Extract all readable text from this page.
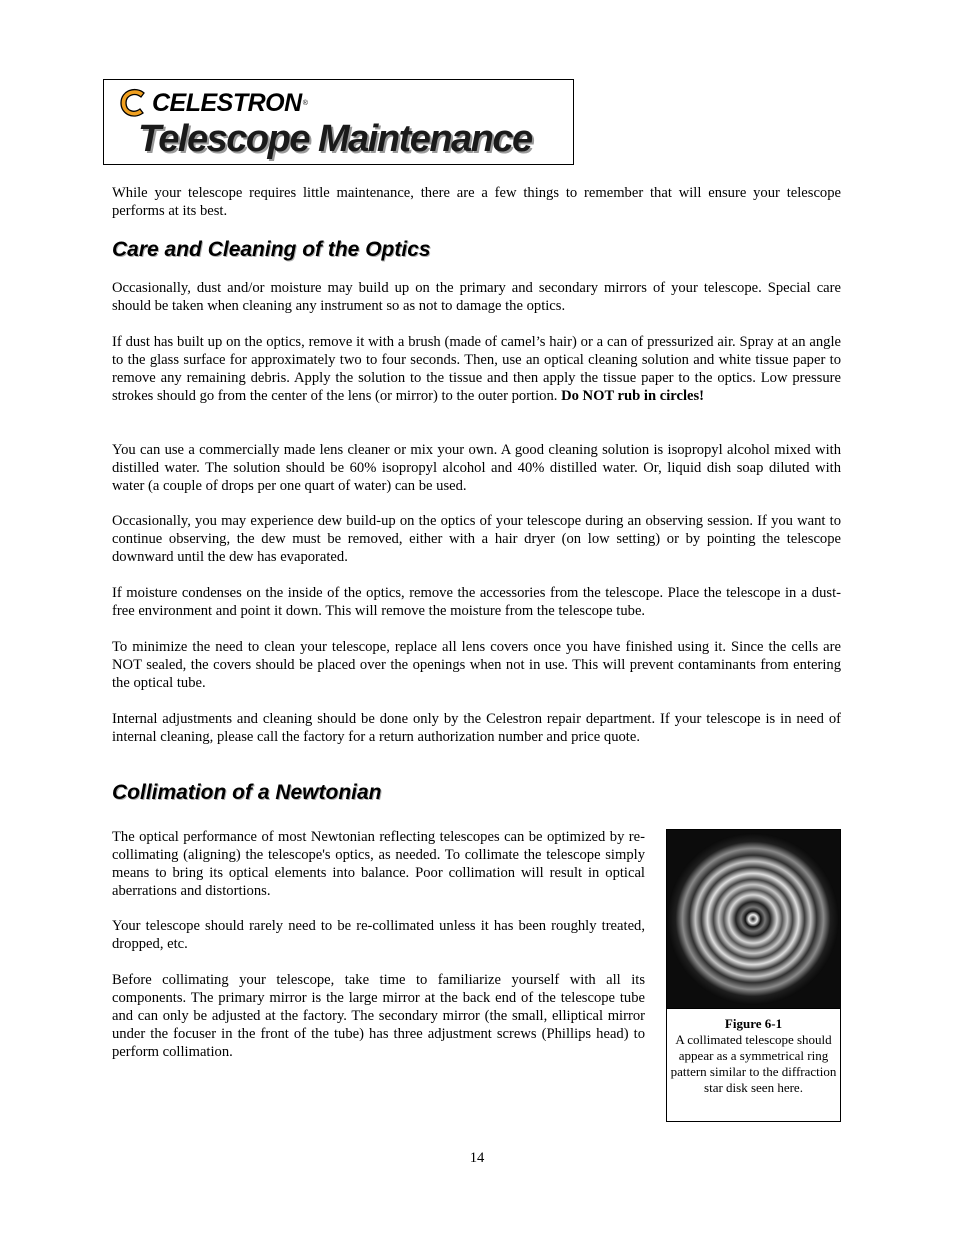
CELESTRON ®
Telescope Maintenance

While your telescope requires little maintenance, there are a few things to remember that will ensure your telescope performs at its best.

Care and Cleaning of the Optics

Occasionally, dust and/or moisture may build up on the primary and secondary mirrors of your telescope. Special care should be taken when cleaning any instrument so as not to damage the optics.

If dust has built up on the optics, remove it with a brush (made of camel’s hair) or a can of pressurized air. Spray at an angle to the glass surface for approximately two to four seconds. Then, use an optical cleaning solution and white tissue paper to remove any remaining debris. Apply the solution to the tissue and then apply the tissue paper to the optics. Low pressure strokes should go from the center of the lens (or mirror) to the outer portion. Do NOT rub in circles!

You can use a commercially made lens cleaner or mix your own. A good cleaning solution is isopropyl alcohol mixed with distilled water. The solution should be 60% isopropyl alcohol and 40% distilled water. Or, liquid dish soap diluted with water (a couple of drops per one quart of water) can be used.

Occasionally, you may experience dew build-up on the optics of your telescope during an observing session. If you want to continue observing, the dew must be removed, either with a hair dryer (on low setting) or by pointing the telescope downward until the dew has evaporated.

If moisture condenses on the inside of the optics, remove the accessories from the telescope. Place the telescope in a dust-free environment and point it down. This will remove the moisture from the telescope tube.

To minimize the need to clean your telescope, replace all lens covers once you have finished using it. Since the cells are NOT sealed, the covers should be placed over the openings when not in use. This will prevent contaminants from entering the optical tube.

Internal adjustments and cleaning should be done only by the Celestron repair department. If your telescope is in need of internal cleaning, please call the factory for a return authorization number and price quote.

Collimation of a Newtonian

The optical performance of most Newtonian reflecting telescopes can be optimized by re-collimating (aligning) the telescope's optics, as needed. To collimate the telescope simply means to bring its optical elements into balance. Poor collimation will result in optical aberrations and distortions.

Your telescope should rarely need to be re-collimated unless it has been roughly treated, dropped, etc.

Before collimating your telescope, take time to familiarize yourself with all its components. The primary mirror is the large mirror at the back end of the telescope tube and can only be adjusted at the factory. The secondary mirror (the small, elliptical mirror under the focuser in the front of the tube) has three adjustment screws (Phillips head) to perform collimation.

Figure 6-1
A collimated telescope should appear as a symmetrical ring pattern similar to the diffraction star disk seen here.
14
